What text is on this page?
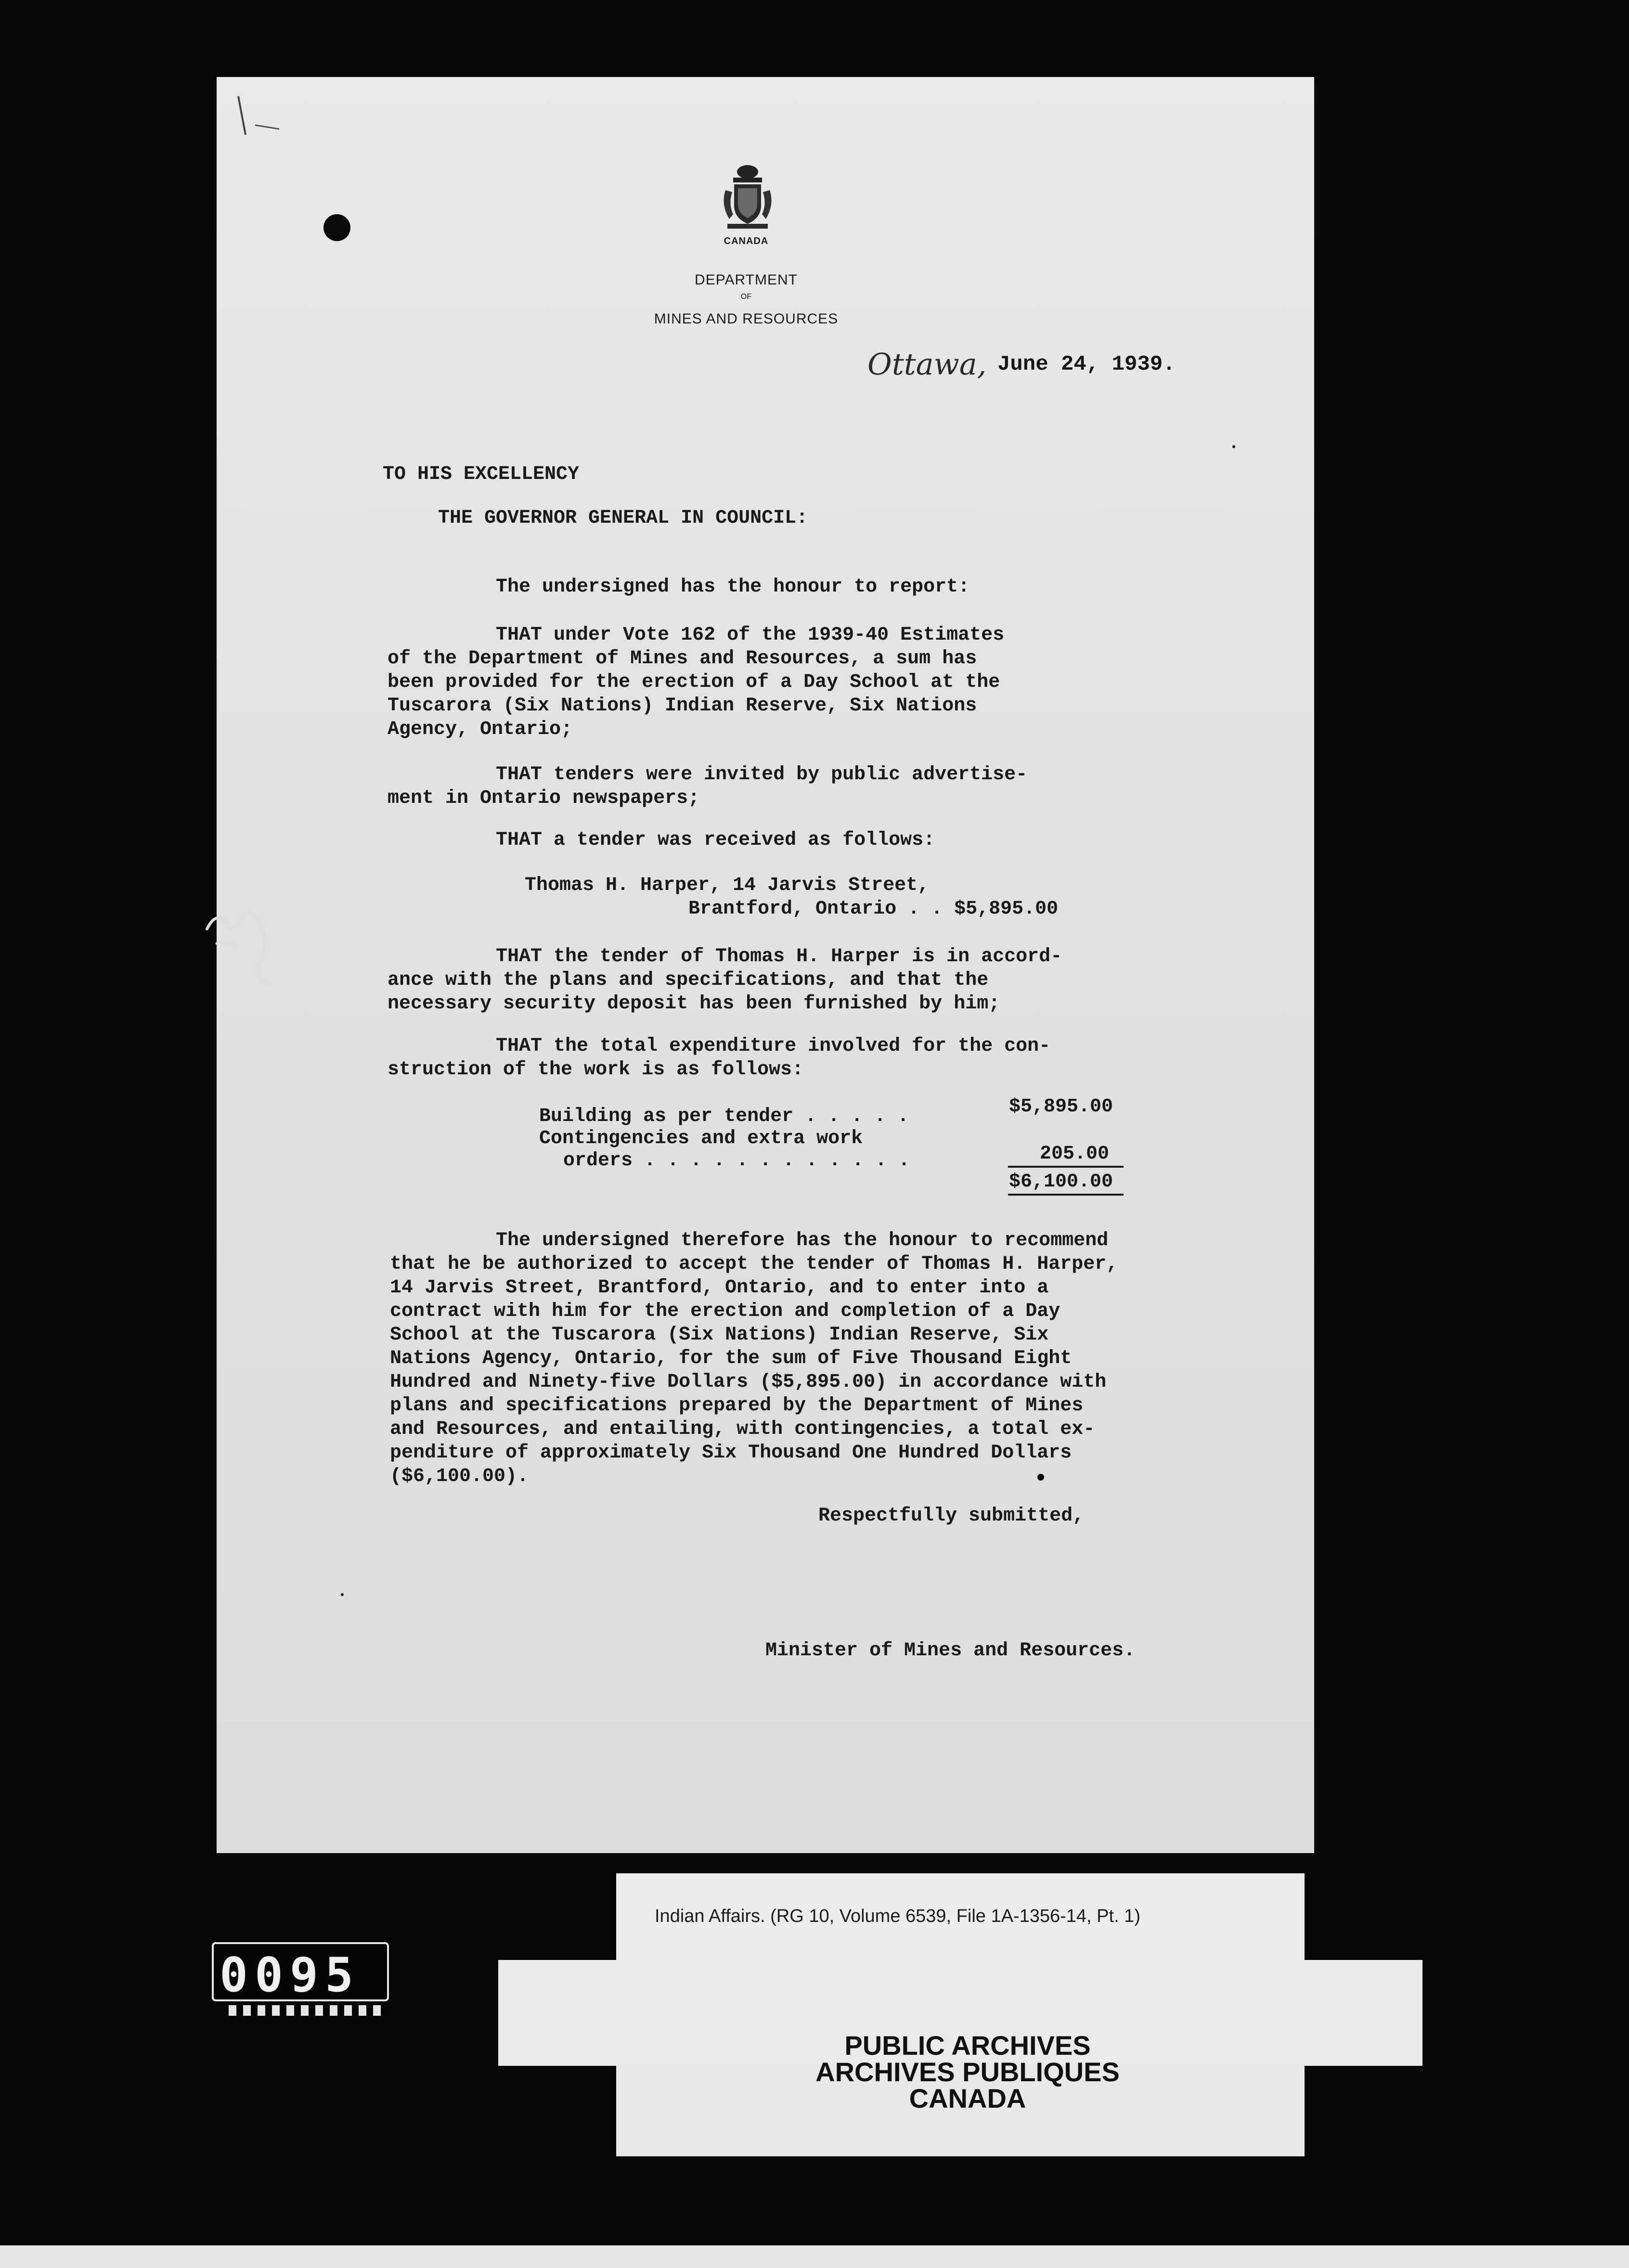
CANADA
DEPARTMENT
OF
MINES AND RESOURCES
Ottawa, June 24, 1939.
TO HIS EXCELLENCY
THE GOVERNOR GENERAL IN COUNCIL:
The undersigned has the honour to report:
THAT under Vote 162 of the 1939-40 Estimates
of the Department of Mines and Resources, a sum has
been provided for the erection of a Day School at the
Tuscarora (Six Nations) Indian Reserve, Six Nations
Agency, Ontario;
THAT tenders were invited by public advertise-
ment in Ontario newspapers;
THAT a tender was received as follows:
Thomas H. Harper, 14 Jarvis Street,
Brantford, Ontario . . $5,895.00
THAT the tender of Thomas H. Harper is in accord-
ance with the plans and specifications, and that the
necessary security deposit has been furnished by him;
THAT the total expenditure involved for the con-
struction of the work is as follows:
Building as per tender . . . . .	$5,895.00
Contingencies and extra work
orders . . . . . . . . . . . .	205.00
$6,100.00
The undersigned therefore has the honour to recommend
that he be authorized to accept the tender of Thomas H. Harper,
14 Jarvis Street, Brantford, Ontario, and to enter into a
contract with him for the erection and completion of a Day
School at the Tuscarora (Six Nations) Indian Reserve, Six
Nations Agency, Ontario, for the sum of Five Thousand Eight
Hundred and Ninety-five Dollars ($5,895.00) in accordance with
plans and specifications prepared by the Department of Mines
and Resources, and entailing, with contingencies, a total ex-
penditure of approximately Six Thousand One Hundred Dollars
($6,100.00).
Respectfully submitted,
Minister of Mines and Resources.
0095
Indian Affairs. (RG 10, Volume 6539, File 1A-1356-14, Pt. 1)
PUBLIC ARCHIVES
ARCHIVES PUBLIQUES
CANADA
